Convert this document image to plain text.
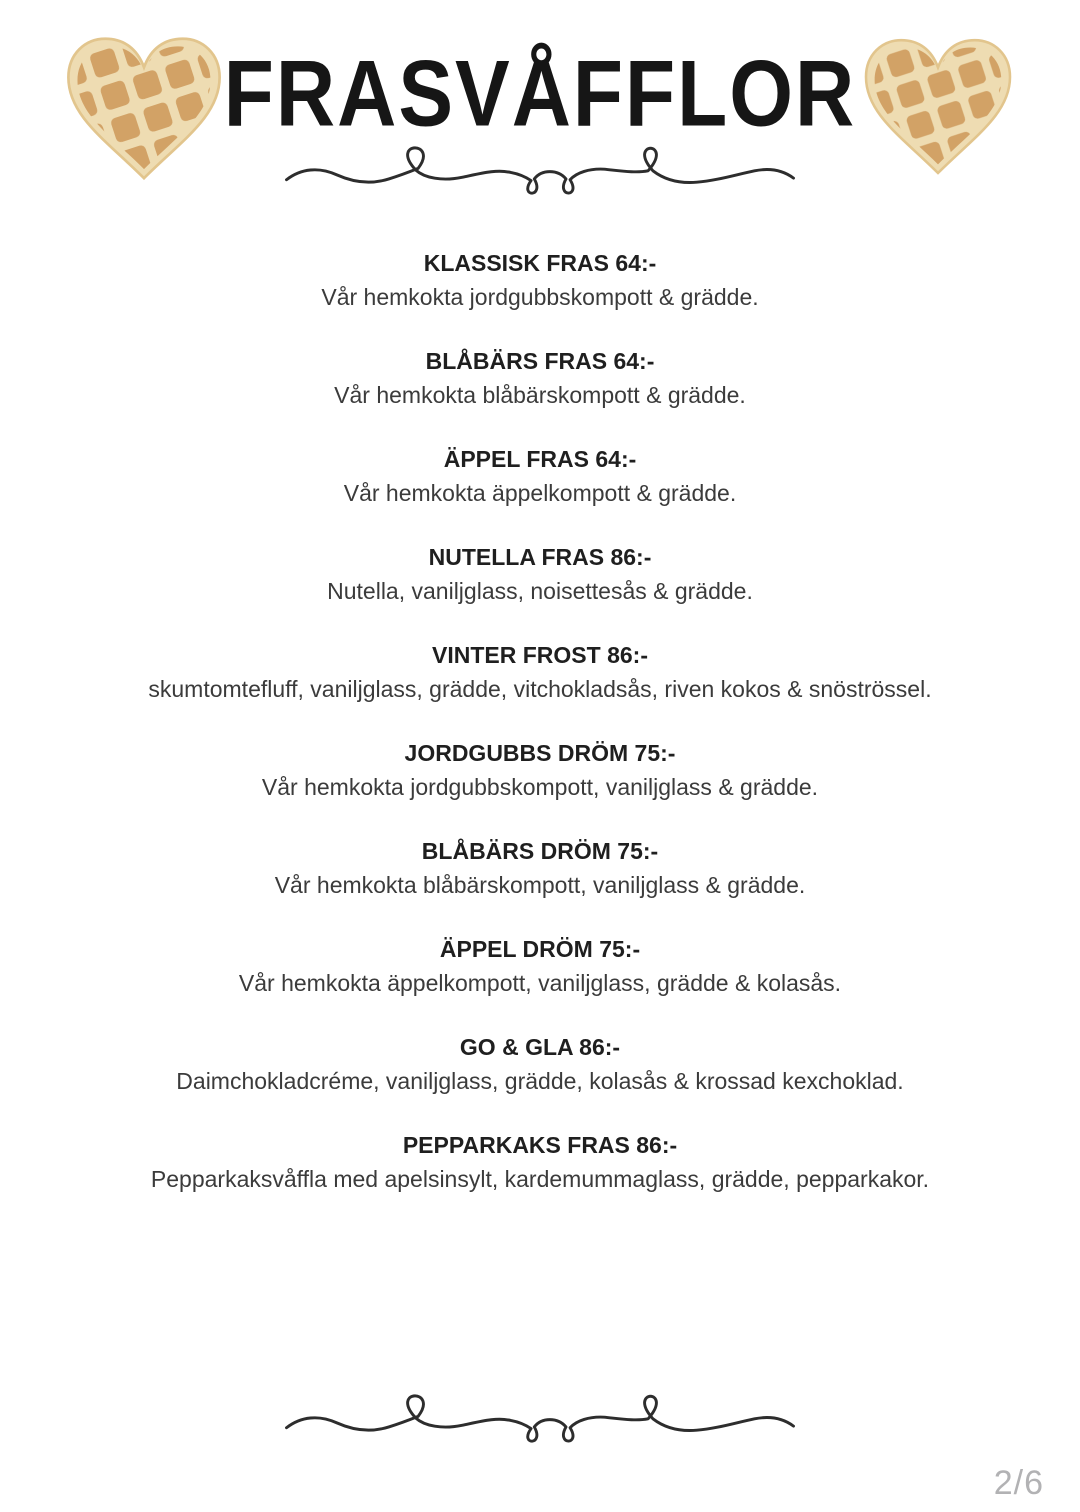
FRASVÅFFLOR
KLASSISK FRAS 64:-
Vår hemkokta jordgubbskompott & grädde.
BLÅBÄRS FRAS 64:-
Vår hemkokta blåbärskompott & grädde.
ÄPPEL FRAS 64:-
Vår hemkokta äppelkompott & grädde.
NUTELLA FRAS 86:-
Nutella, vaniljglass, noisettesås & grädde.
VINTER FROST 86:-
skumtomtefluff, vaniljglass, grädde, vitchokladsås, riven kokos & snöströssel.
JORDGUBBS DRÖM 75:-
Vår hemkokta jordgubbskompott, vaniljglass & grädde.
BLÅBÄRS DRÖM 75:-
Vår hemkokta blåbärskompott, vaniljglass & grädde.
ÄPPEL DRÖM 75:-
Vår hemkokta äppelkompott, vaniljglass, grädde & kolasås.
GO & GLA 86:-
Daimchokladcréme, vaniljglass, grädde, kolasås & krossad kexchoklad.
PEPPARKAKS FRAS 86:-
Pepparkaksvåffla med apelsinsylt, kardemummaglass, grädde, pepparkakor.
2/6
